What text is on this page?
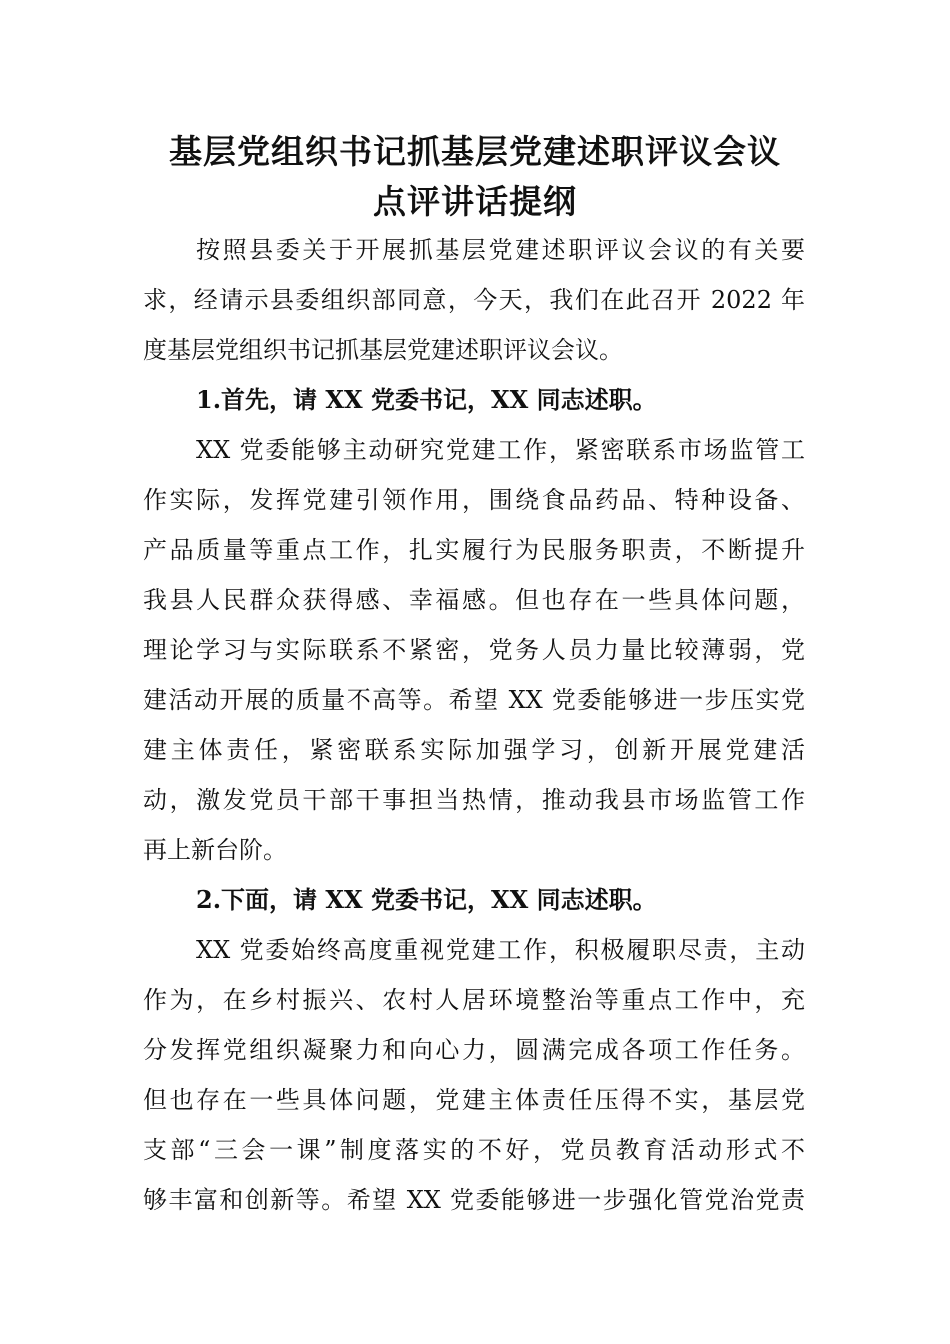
基层党组织书记抓基层党建述职评议会议
点评讲话提纲
按照县委关于开展抓基层党建述职评议会议的有关要
求，经请示县委组织部同意，今天，我们在此召开 2022 年
度基层党组织书记抓基层党建述职评议会议。
1.首先，请 XX 党委书记，XX 同志述职。
XX 党委能够主动研究党建工作，紧密联系市场监管工
作实际，发挥党建引领作用，围绕食品药品、特种设备、
产品质量等重点工作，扎实履行为民服务职责，不断提升
我县人民群众获得感、幸福感。但也存在一些具体问题，
理论学习与实际联系不紧密，党务人员力量比较薄弱，党
建活动开展的质量不高等。希望 XX 党委能够进一步压实党
建主体责任，紧密联系实际加强学习，创新开展党建活
动，激发党员干部干事担当热情，推动我县市场监管工作
再上新台阶。
2.下面，请 XX 党委书记，XX 同志述职。
XX 党委始终高度重视党建工作，积极履职尽责，主动
作为，在乡村振兴、农村人居环境整治等重点工作中，充
分发挥党组织凝聚力和向心力，圆满完成各项工作任务。
但也存在一些具体问题，党建主体责任压得不实，基层党
支部“三会一课”制度落实的不好，党员教育活动形式不
够丰富和创新等。希望 XX 党委能够进一步强化管党治党责
